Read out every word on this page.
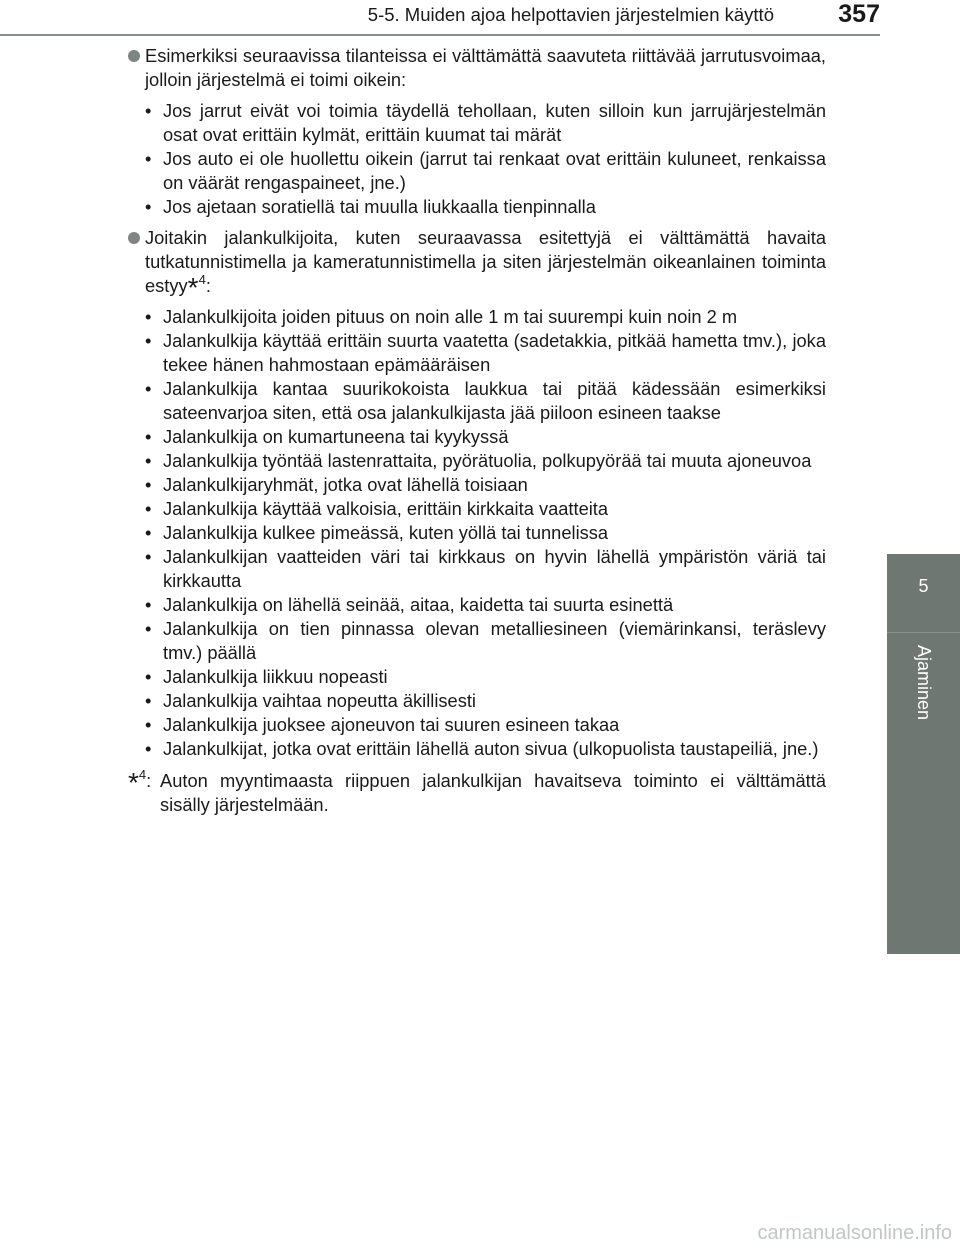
5-5. Muiden ajoa helpottavien järjestelmien käyttö	357
5
Ajaminen
Esimerkiksi seuraavissa tilanteissa ei välttämättä saavuteta riittävää jarrutusvoimaa, jolloin järjestelmä ei toimi oikein:
• Jos jarrut eivät voi toimia täydellä tehollaan, kuten silloin kun jarrujärjestelmän osat ovat erittäin kylmät, erittäin kuumat tai märät
• Jos auto ei ole huollettu oikein (jarrut tai renkaat ovat erittäin kuluneet, renkaissa on väärät rengaspaineet, jne.)
• Jos ajetaan soratiellä tai muulla liukkaalla tienpinnalla
Joitakin jalankulkijoita, kuten seuraavassa esitettyjä ei välttämättä havaita tutkatunnistimella ja kameratunnistimella ja siten järjestelmän oikeanlainen toiminta estyy*$^4$:
• Jalankulkijoita joiden pituus on noin alle 1 m tai suurempi kuin noin 2 m
• Jalankulkija käyttää erittäin suurta vaatetta (sadetakkia, pitkää hametta tmv.), joka tekee hänen hahmostaan epämääräisen
• Jalankulkija kantaa suurikokoista laukkua tai pitää kädessään esimerkiksi sateenvarjoa siten, että osa jalankulkijasta jää piiloon esineen taakse
• Jalankulkija on kumartuneena tai kyykyssä
• Jalankulkija työntää lastenrattaita, pyörätuolia, polkupyörää tai muuta ajoneuvoa
• Jalankulkijaryhmät, jotka ovat lähellä toisiaan
• Jalankulkija käyttää valkoisia, erittäin kirkkaita vaatteita
• Jalankulkija kulkee pimeässä, kuten yöllä tai tunnelissa
• Jalankulkijan vaatteiden väri tai kirkkaus on hyvin lähellä ympäristön väriä tai kirkkautta
• Jalankulkija on lähellä seinää, aitaa, kaidetta tai suurta esinettä
• Jalankulkija on tien pinnassa olevan metalliesineen (viemärinkansi, teräslevy tmv.) päällä
• Jalankulkija liikkuu nopeasti
• Jalankulkija vaihtaa nopeutta äkillisesti
• Jalankulkija juoksee ajoneuvon tai suuren esineen takaa
• Jalankulkijat, jotka ovat erittäin lähellä auton sivua (ulkopuolista taustapeiliä, jne.)
*$^4$: Auton myyntimaasta riippuen jalankulkijan havaitseva toiminto ei välttämättä sisälly järjestelmään.
carmanualsonline.info
